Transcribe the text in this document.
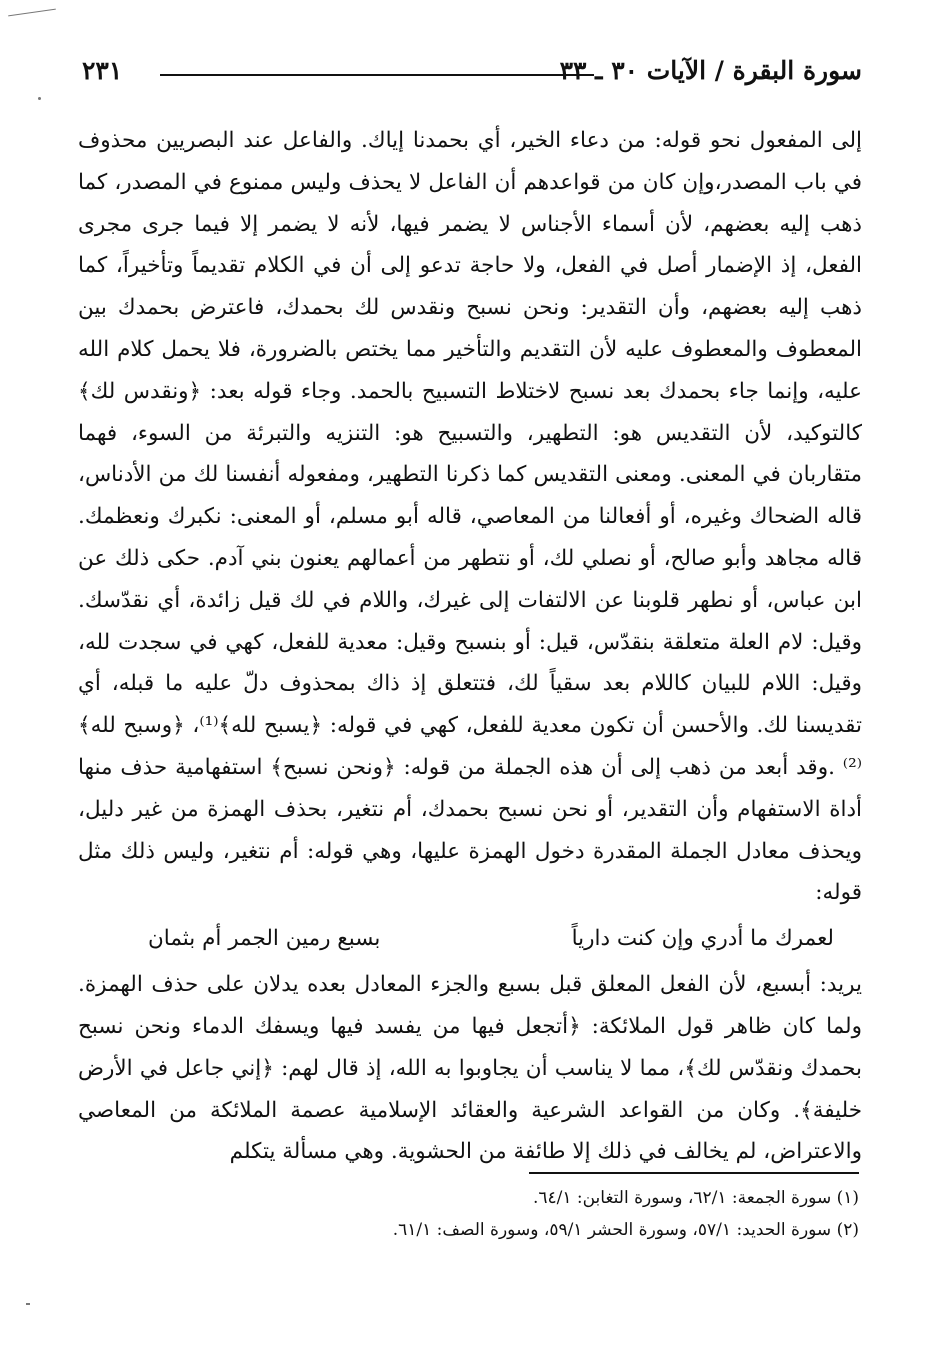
سورة البقرة / الآيات ٣٠ ـ ٣٣
٢٣١

إلى المفعول نحو قوله: من دعاء الخير، أي بحمدنا إياك. والفاعل عند البصريين محذوف في باب المصدر،وإن كان من قواعدهم أن الفاعل لا يحذف وليس ممنوع في المصدر، كما ذهب إليه بعضهم، لأن أسماء الأجناس لا يضمر فيها، لأنه لا يضمر إلا فيما جرى مجرى الفعل، إذ الإضمار أصل في الفعل، ولا حاجة تدعو إلى أن في الكلام تقديماً وتأخيراً، كما ذهب إليه بعضهم، وأن التقدير: ونحن نسبح ونقدس لك بحمدك، فاعترض بحمدك بين المعطوف والمعطوف عليه لأن التقديم والتأخير مما يختص بالضرورة، فلا يحمل كلام الله عليه، وإنما جاء بحمدك بعد نسبح لاختلاط التسبيح بالحمد. وجاء قوله بعد: ﴿ونقدس لك﴾ كالتوكيد، لأن التقديس هو: التطهير، والتسبيح هو: التنزيه والتبرئة من السوء، فهما متقاربان في المعنى. ومعنى التقديس كما ذكرنا التطهير، ومفعوله أنفسنا لك من الأدناس، قاله الضحاك وغيره، أو أفعالنا من المعاصي، قاله أبو مسلم، أو المعنى: نكبرك ونعظمك. قاله مجاهد وأبو صالح، أو نصلي لك، أو نتطهر من أعمالهم يعنون بني آدم. حكى ذلك عن ابن عباس، أو نطهر قلوبنا عن الالتفات إلى غيرك، واللام في لك قيل زائدة، أي نقدّسك. وقيل: لام العلة متعلقة بنقدّس، قيل: أو بنسبح وقيل: معدية للفعل، كهي في سجدت لله، وقيل: اللام للبيان كاللام بعد سقياً لك، فتتعلق إذ ذاك بمحذوف دلّ عليه ما قبله، أي تقديسنا لك. والأحسن أن تكون معدية للفعل، كهي في قوله: ﴿يسبح لله﴾⁽¹⁾، ﴿وسبح لله﴾⁽²⁾ .وقد أبعد من ذهب إلى أن هذه الجملة من قوله: ﴿ونحن نسبح﴾ استفهامية حذف منها أداة الاستفهام وأن التقدير، أو نحن نسبح بحمدك، أم نتغير، بحذف الهمزة من غير دليل، ويحذف معادل الجملة المقدرة دخول الهمزة عليها، وهي قوله: أم نتغير، وليس ذلك مثل قوله:

لعمرك ما أدري وإن كنت دارياً
بسبع رمين الجمر أم بثمان

يريد: أبسبع، لأن الفعل المعلق قبل بسبع والجزء المعادل بعده يدلان على حذف الهمزة. ولما كان ظاهر قول الملائكة: ﴿أتجعل فيها من يفسد فيها ويسفك الدماء ونحن نسبح بحمدك ونقدّس لك﴾، مما لا يناسب أن يجاوبوا به الله، إذ قال لهم: ﴿إني جاعل في الأرض خليفة﴾. وكان من القواعد الشرعية والعقائد الإسلامية عصمة الملائكة من المعاصي والاعتراض، لم يخالف في ذلك إلا طائفة من الحشوية. وهي مسألة يتكلم

(١) سورة الجمعة: ٦٢/١، وسورة التغابن: ٦٤/١.
(٢) سورة الحديد: ٥٧/١، وسورة الحشر ٥٩/١، وسورة الصف: ٦١/١.
